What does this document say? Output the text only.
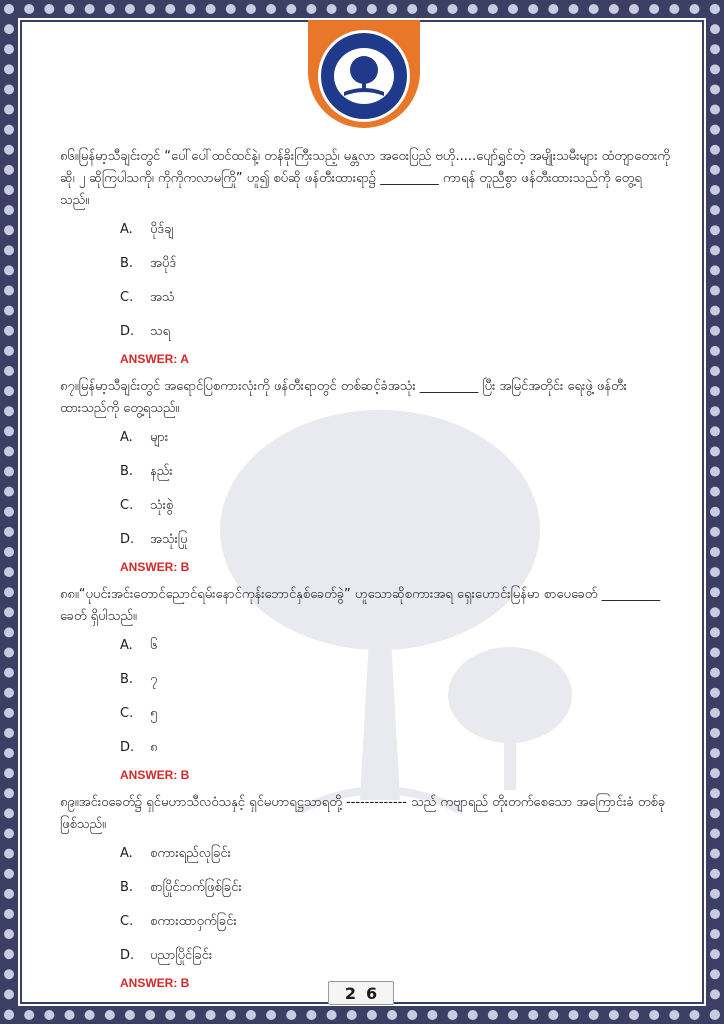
၈၆။မြန်မာ့သီချင်းတွင် “ပေါ်ပေါ်ထင်ထင်နဲ့၊ တန်ခိုးကြီးသည့်၊ မန္တလာ အဝေးပြည် ဗဟို.....ပျော်ရွှင်တဲ့ အမျိုးသမီးများ ထံတျာတေးကိုဆို၊ ၂ ဆိုကြပါသကို၊ ကိုကိုကလာမကြို” ဟူ၍ စပ်ဆို ဖန်တီးထားရာ၌ _________ ကာရန် တူညီစွာ ဖန်တီးထားသည်ကို တွေ့ရသည်။

A. ပိုဒ်ချ
B. အပိုဒ်
C. အသံ
D. သရ
ANSWER: A

၈၇။မြန်မာ့သီချင်းတွင် အရောင်ပြစကားလုံးကို ဖန်တီးရာတွင် တစ်ဆင့်ခံအသုံး _________ ပြီး အမြင်အတိုင်း ရေးဖွဲ့ ဖန်တီးထားသည်ကို တွေ့ရသည်။

A. များ
B. နည်း
C. သုံးစွဲ
D. အသုံးပြု
ANSWER: B

၈၈။“ပုပင်းအင်းတောင်ညောင်ရမ်းနောင်ကုန်းဘောင်နှစ်ခေတ်ခွဲ” ဟူသောဆိုစကားအရ ရှေးဟောင်းမြန်မာ စာပေခေတ် _________ ခေတ် ရှိပါသည်။

A. ၆
B. ၇
C. ၅
D. ၈
ANSWER: B

၈၉။အင်းဝခေတ်၌ ရှင်မဟာသီလဝံသနှင့် ရှင်မဟာရဋ္ဌသာရတို့ ------------- သည် ကဗျာရည် တိုးတက်စေသော အကြောင်းခံ တစ်ခု ဖြစ်သည်။

A. စကားရည်လုခြင်း
B. စာပြိုင်ဘက်ဖြစ်ခြင်း
C. စကားထာဝှက်ခြင်း
D. ပညာပြိုင်ခြင်း
ANSWER: B
26
